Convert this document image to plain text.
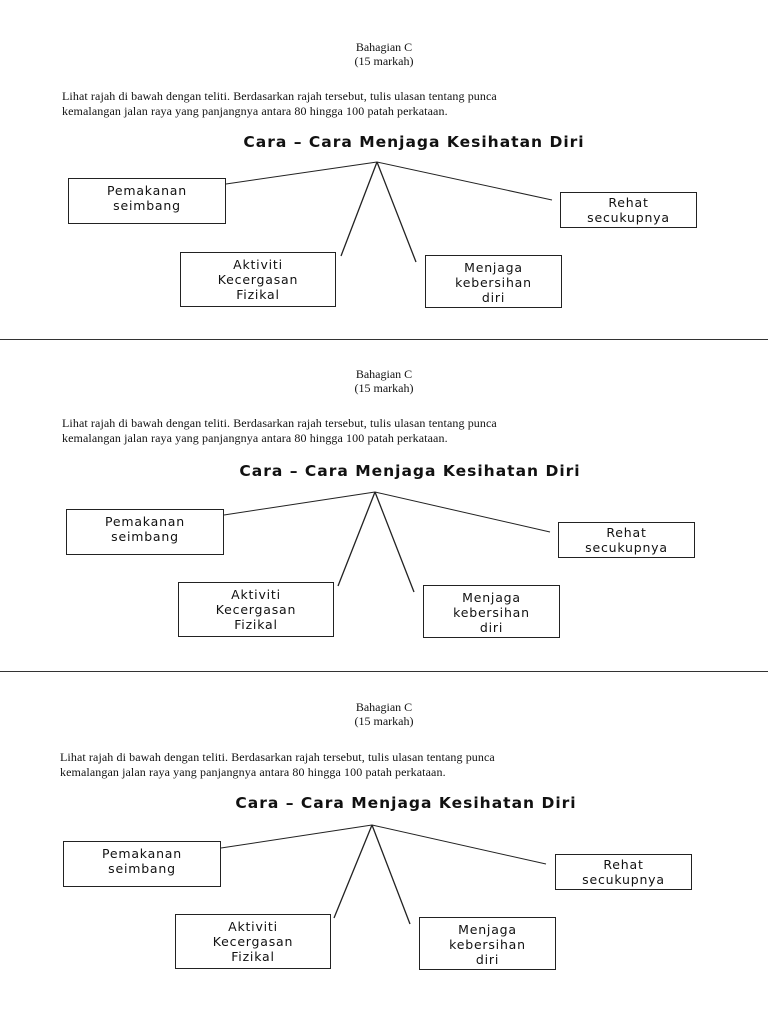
Bahagian C
(15 markah)
Lihat rajah di bawah dengan teliti. Berdasarkan rajah tersebut, tulis ulasan tentang punca
kemalangan jalan raya yang panjangnya antara 80 hingga 100 patah perkataan.
Cara – Cara Menjaga Kesihatan Diri
Pemakanan
seimbang	Rehat
secukupnya
Aktiviti
Kecergasan
Fizikal
Menjaga
kebersihan
diri
Bahagian C
(15 markah)
Lihat rajah di bawah dengan teliti. Berdasarkan rajah tersebut, tulis ulasan tentang punca
kemalangan jalan raya yang panjangnya antara 80 hingga 100 patah perkataan.
Cara – Cara Menjaga Kesihatan Diri
Pemakanan
seimbang	Rehat
secukupnya
Aktiviti
Kecergasan
Fizikal
Menjaga
kebersihan
diri
Bahagian C
(15 markah)
Lihat rajah di bawah dengan teliti. Berdasarkan rajah tersebut, tulis ulasan tentang punca
kemalangan jalan raya yang panjangnya antara 80 hingga 100 patah perkataan.
Cara – Cara Menjaga Kesihatan Diri
Pemakanan
seimbang	Rehat
secukupnya
Aktiviti
Kecergasan
Fizikal
Menjaga
kebersihan
diri
